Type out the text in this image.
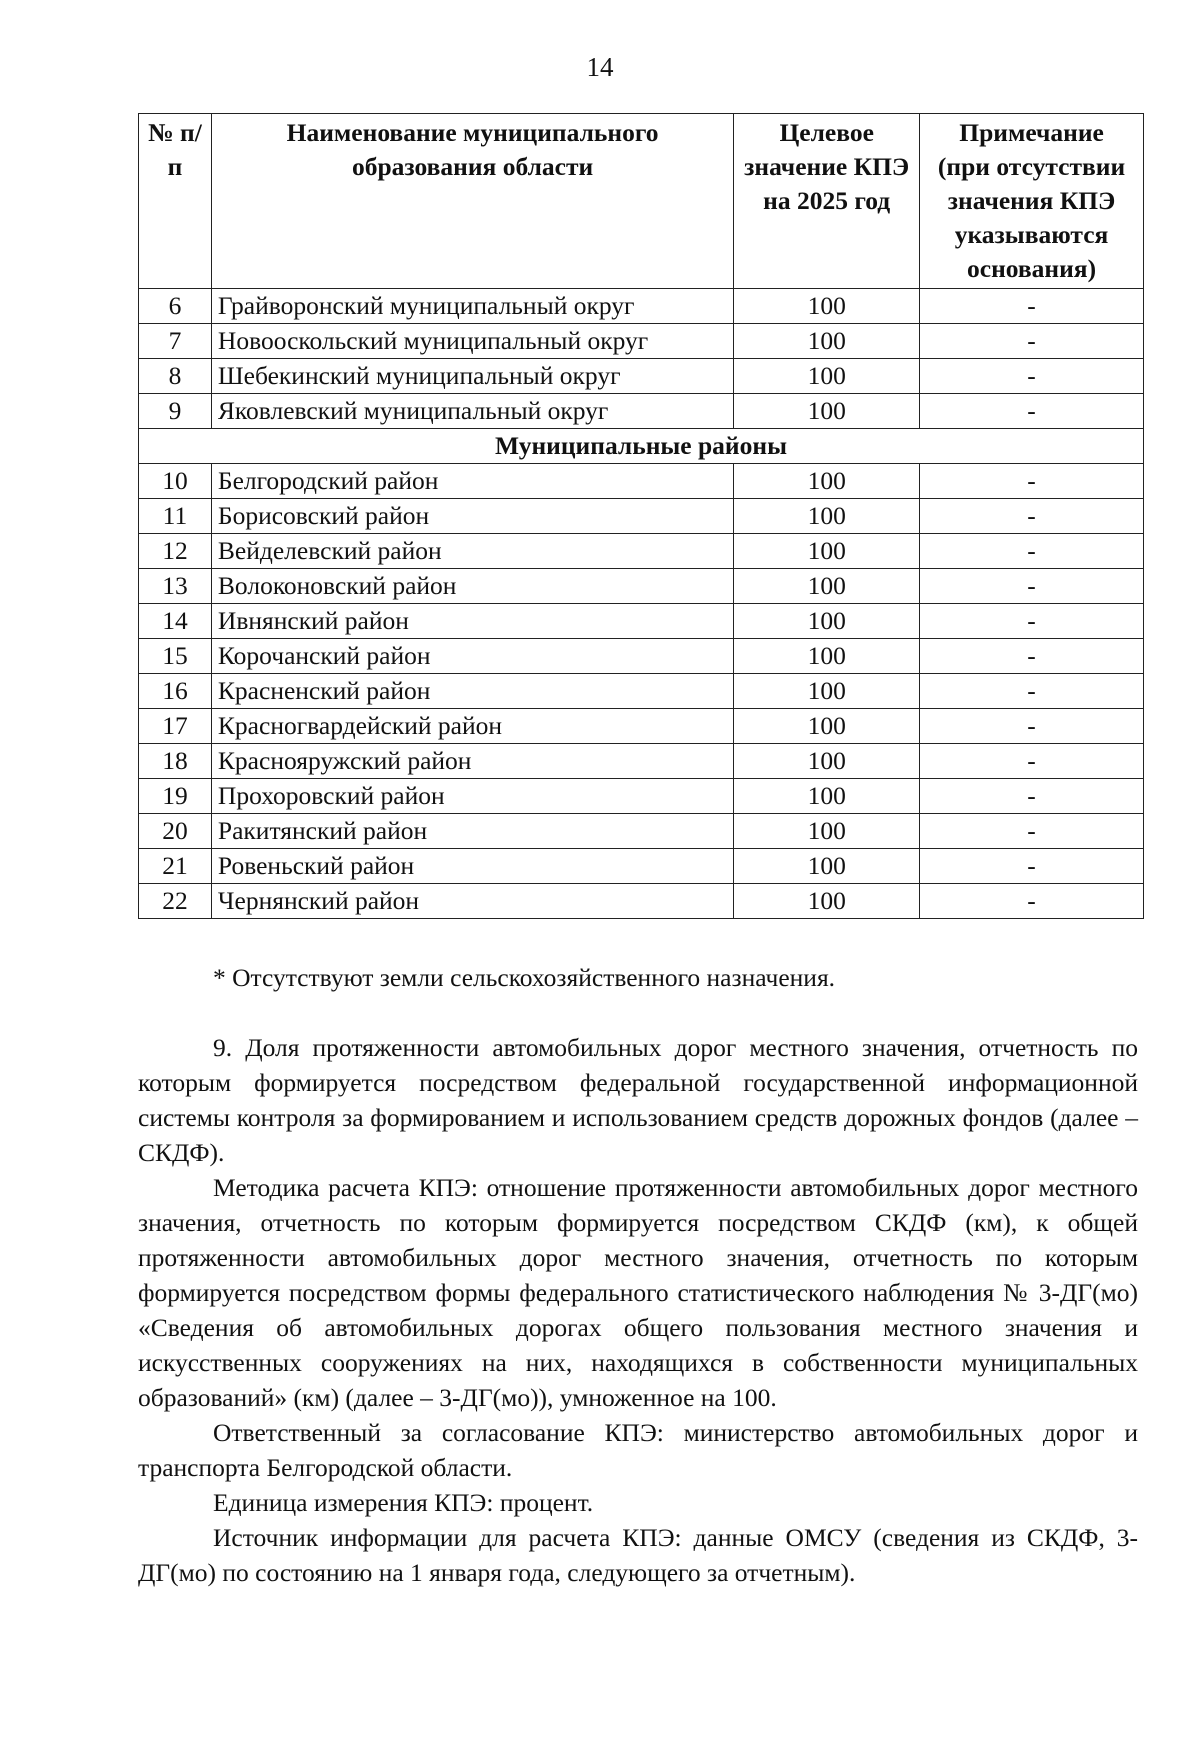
14
№ п/п	Наименование муниципального образования области	Целевое значение КПЭ на 2025 год	Примечание
(при отсутствии значения КПЭ указываются основания)
6	Грайворонский муниципальный округ	100	-
7	Новооскольский муниципальный округ	100	-
8	Шебекинский муниципальный округ	100	-
9	Яковлевский муниципальный округ	100	-
Муниципальные районы			
10	Белгородский район	100	-
11	Борисовский район	100	-
12	Вейделевский район	100	-
13	Волоконовский район	100	-
14	Ивнянский район	100	-
15	Корочанский район	100	-
16	Красненский район	100	-
17	Красногвардейский район	100	-
18	Краснояружский район	100	-
19	Прохоровский район	100	-
20	Ракитянский район	100	-
21	Ровеньский район	100	-
22	Чернянский район	100	-
* Отсутствуют земли сельскохозяйственного назначения.

9. Доля протяженности автомобильных дорог местного значения, отчетность по которым формируется посредством федеральной государственной информационной системы контроля за формированием и использованием средств дорожных фондов (далее – СКДФ).

Методика расчета КПЭ: отношение протяженности автомобильных дорог местного значения, отчетность по которым формируется посредством СКДФ (км), к общей протяженности автомобильных дорог местного значения, отчетность по которым формируется посредством формы федерального статистического наблюдения № 3-ДГ(мо) «Сведения об автомобильных дорогах общего пользования местного значения и искусственных сооружениях на них, находящихся в собственности муниципальных образований» (км) (далее – 3-ДГ(мо)), умноженное на 100.

Ответственный за согласование КПЭ: министерство автомобильных дорог и транспорта Белгородской области.

Единица измерения КПЭ: процент.

Источник информации для расчета КПЭ: данные ОМСУ (сведения из СКДФ, 3-ДГ(мо) по состоянию на 1 января года, следующего за отчетным).
